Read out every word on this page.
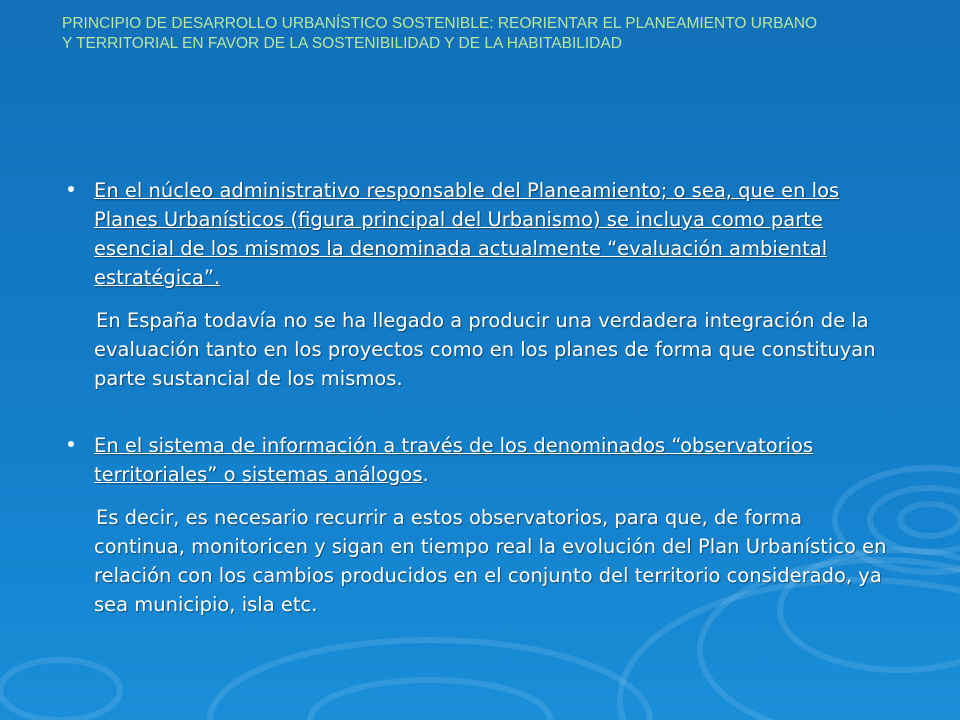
PRINCIPIO DE DESARROLLO URBANÍSTICO SOSTENIBLE: REORIENTAR EL PLANEAMIENTO URBANO Y TERRITORIAL EN FAVOR DE LA SOSTENIBILIDAD Y DE LA HABITABILIDAD

En el núcleo administrativo responsable del Planeamiento; o sea, que en los Planes Urbanísticos (figura principal del Urbanismo) se incluya como parte esencial de los mismos la denominada actualmente “evaluación ambiental estratégica”.

En España todavía no se ha llegado a producir una verdadera integración de la evaluación tanto en los proyectos como en los planes de forma que constituyan parte sustancial de los mismos.

En el sistema de información a través de los denominados “observatorios territoriales” o sistemas análogos.

Es decir, es necesario recurrir a estos observatorios, para que, de forma continua, monitoricen y sigan en tiempo real la evolución del Plan Urbanístico en relación con los cambios producidos en el conjunto del territorio considerado, ya sea municipio, isla etc.
